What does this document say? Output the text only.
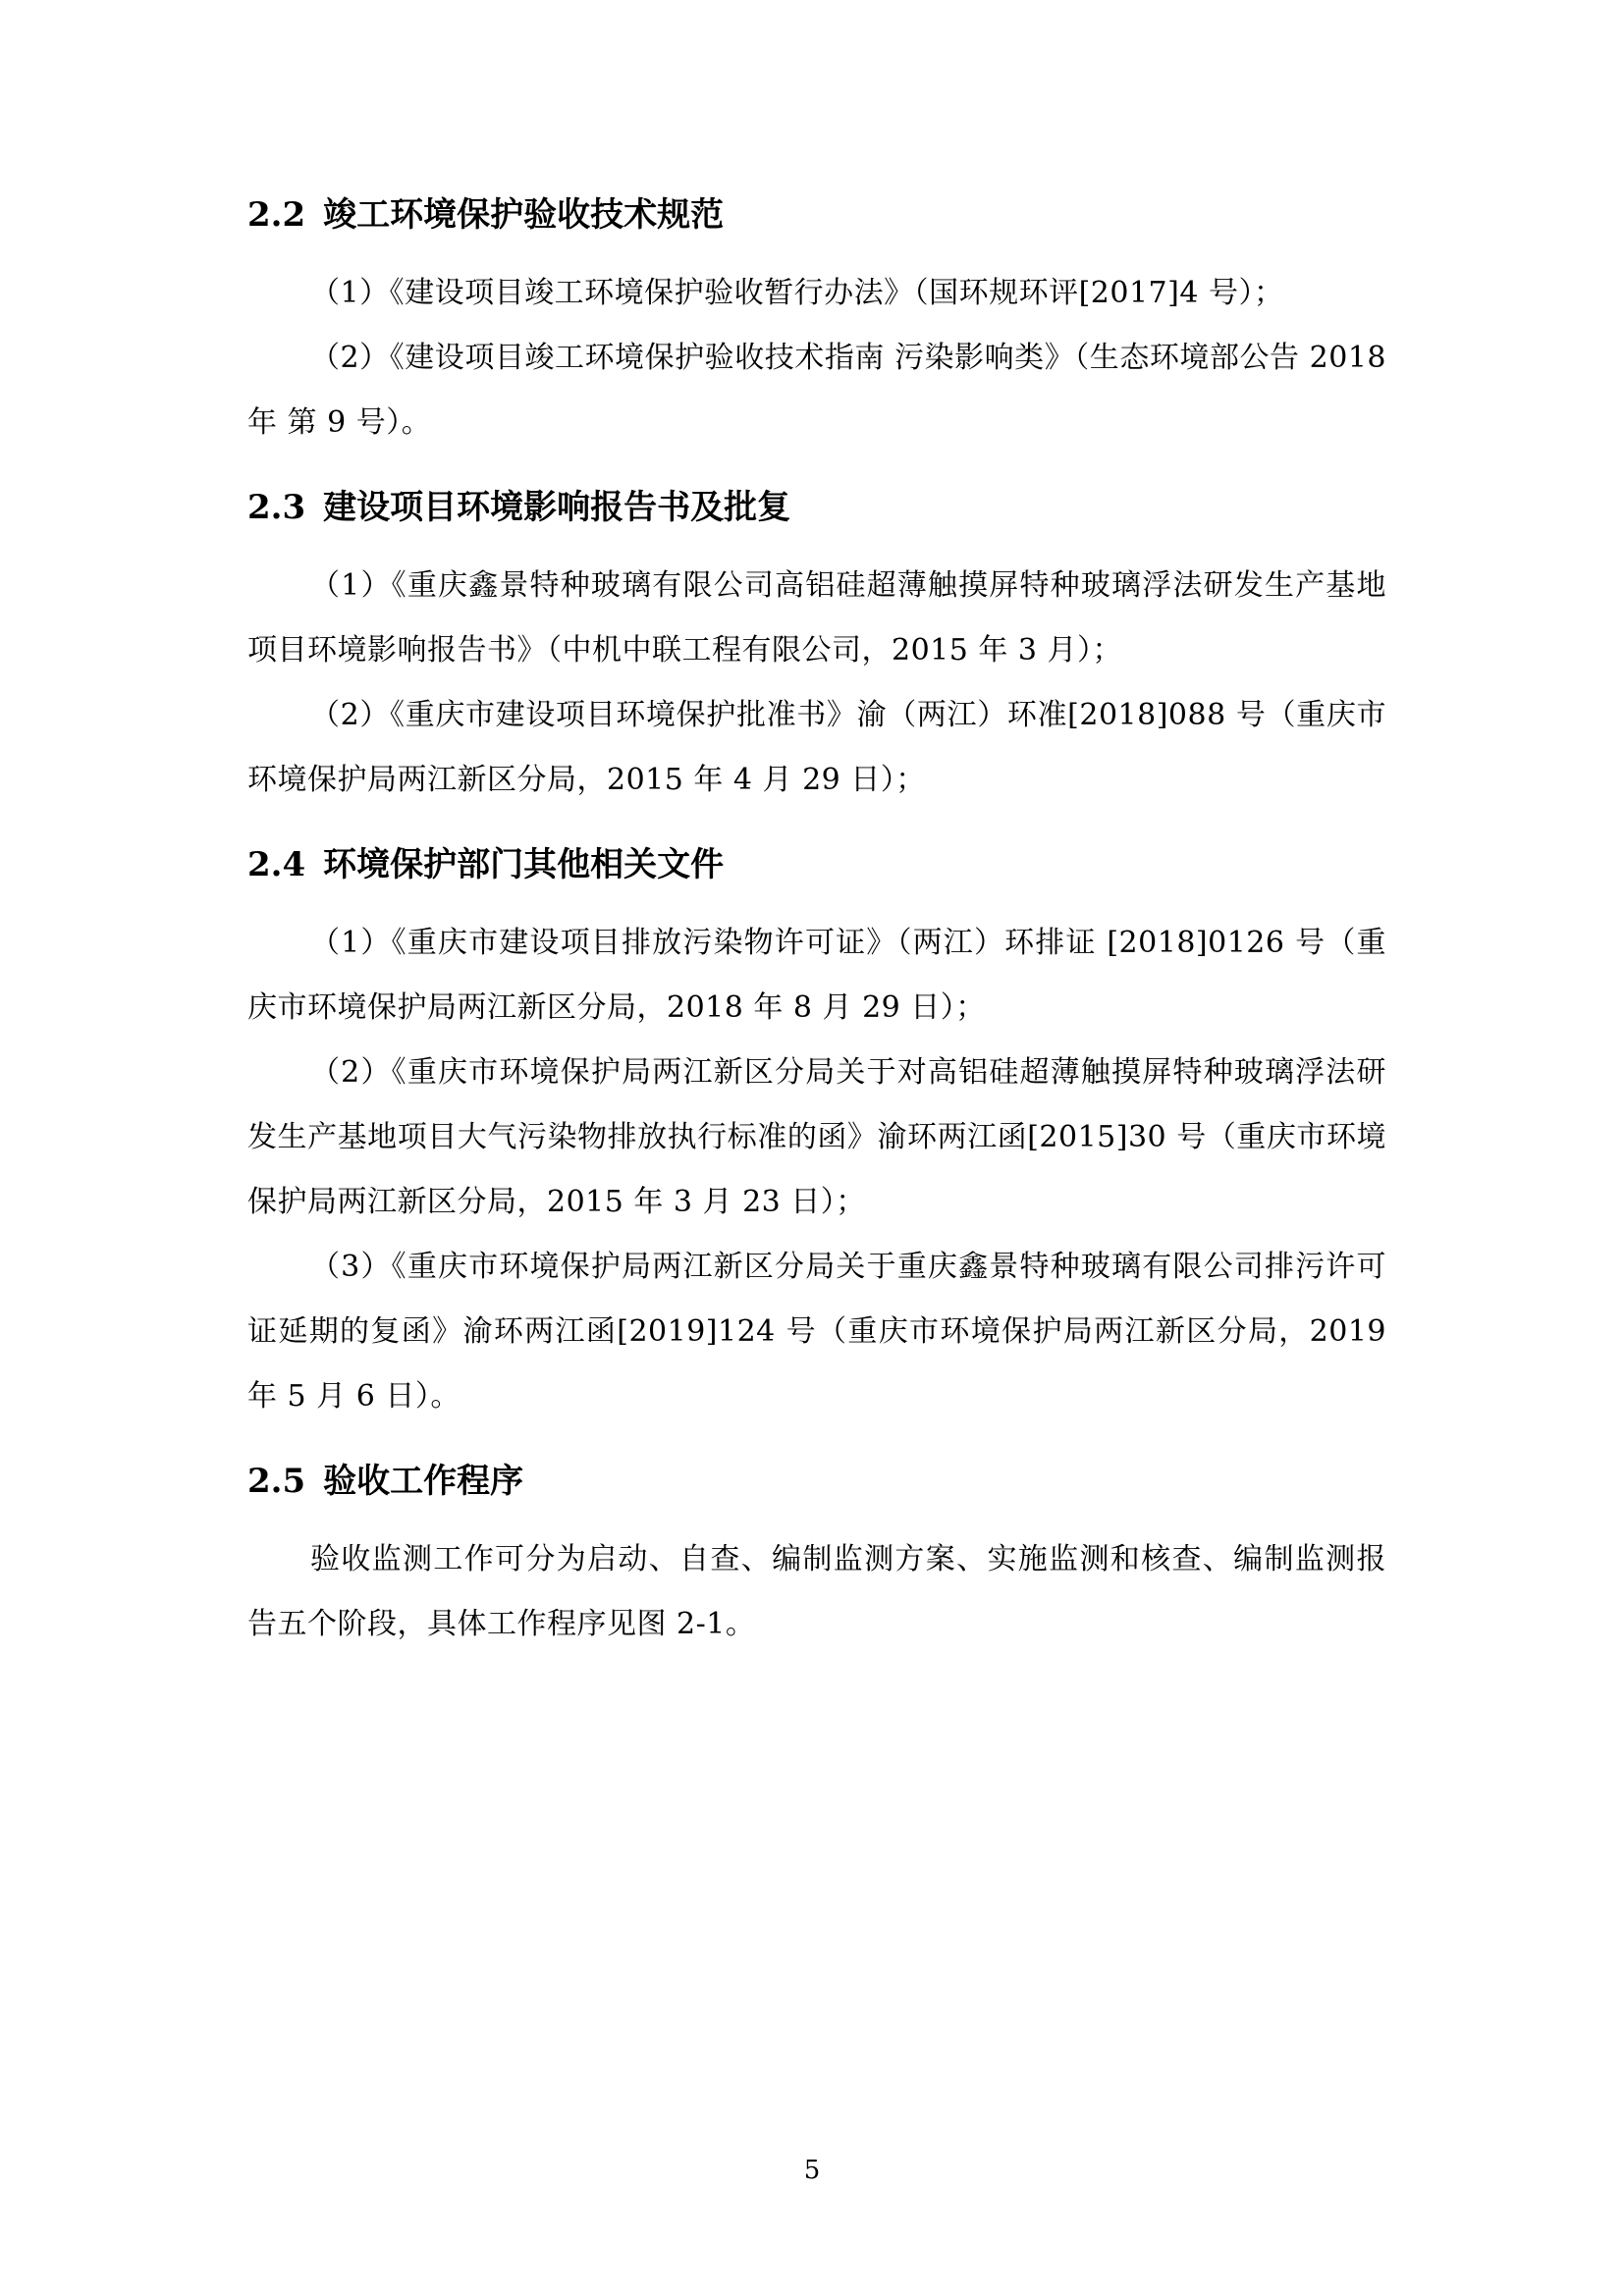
2.2 竣工环境保护验收技术规范

（1）《建设项目竣工环境保护验收暂行办法》（国环规环评[2017]4 号）；

（2）《建设项目竣工环境保护验收技术指南 污染影响类》（生态环境部公告 2018 年 第 9 号）。

2.3 建设项目环境影响报告书及批复

（1）《重庆鑫景特种玻璃有限公司高铝硅超薄触摸屏特种玻璃浮法研发生产基地项目环境影响报告书》（中机中联工程有限公司，2015 年 3 月）；

（2）《重庆市建设项目环境保护批准书》渝（两江）环准[2018]088 号（重庆市环境保护局两江新区分局，2015 年 4 月 29 日）；

2.4 环境保护部门其他相关文件

（1）《重庆市建设项目排放污染物许可证》（两江）环排证 [2018]0126 号（重庆市环境保护局两江新区分局，2018 年 8 月 29 日）；

（2）《重庆市环境保护局两江新区分局关于对高铝硅超薄触摸屏特种玻璃浮法研发生产基地项目大气污染物排放执行标准的函》渝环两江函[2015]30 号（重庆市环境保护局两江新区分局，2015 年 3 月 23 日）；

（3）《重庆市环境保护局两江新区分局关于重庆鑫景特种玻璃有限公司排污许可证延期的复函》渝环两江函[2019]124 号（重庆市环境保护局两江新区分局，2019 年 5 月 6 日）。

2.5 验收工作程序

验收监测工作可分为启动、自查、编制监测方案、实施监测和核查、编制监测报告五个阶段，具体工作程序见图 2-1。

5
